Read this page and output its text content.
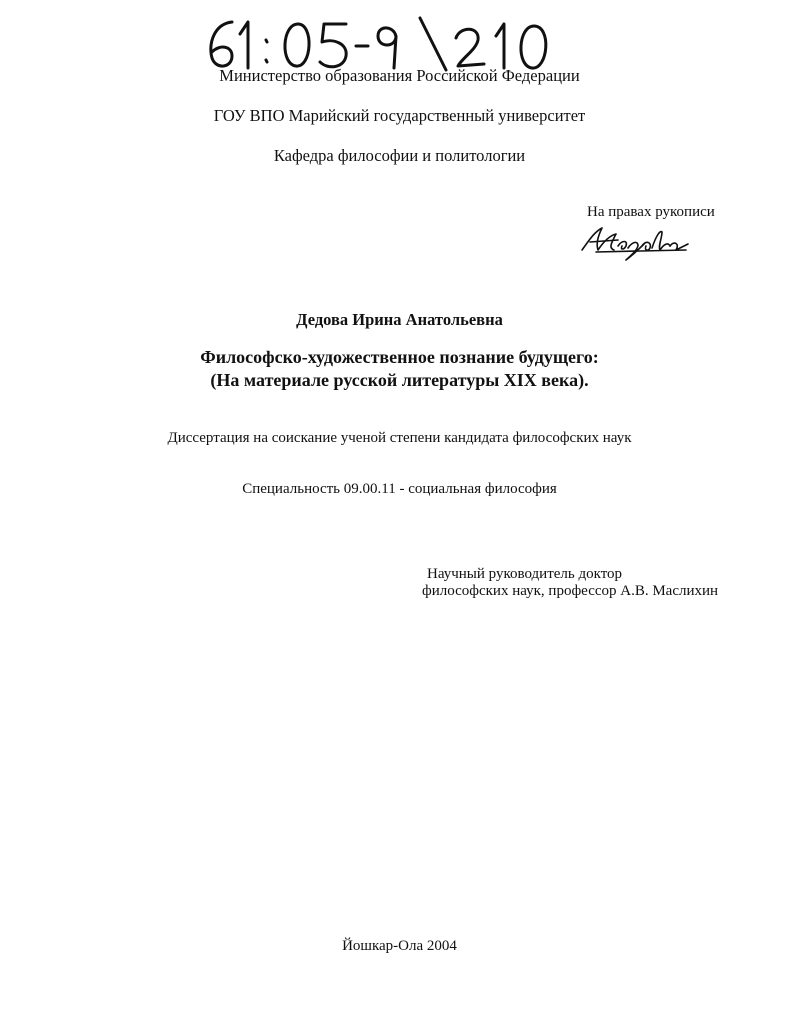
Министерство образования Российской Федерации
ГОУ ВПО Марийский государственный университет
Кафедра философии и политологии
На правах рукописи
Дедова Ирина Анатольевна
Философско-художественное познание будущего:
(На материале русской литературы XIX века).
Диссертация на соискание ученой степени кандидата философских наук
Специальность 09.00.11 - социальная философия
Научный руководитель доктор
философских наук, профессор А.В. Маслихин
Йошкар-Ола 2004
